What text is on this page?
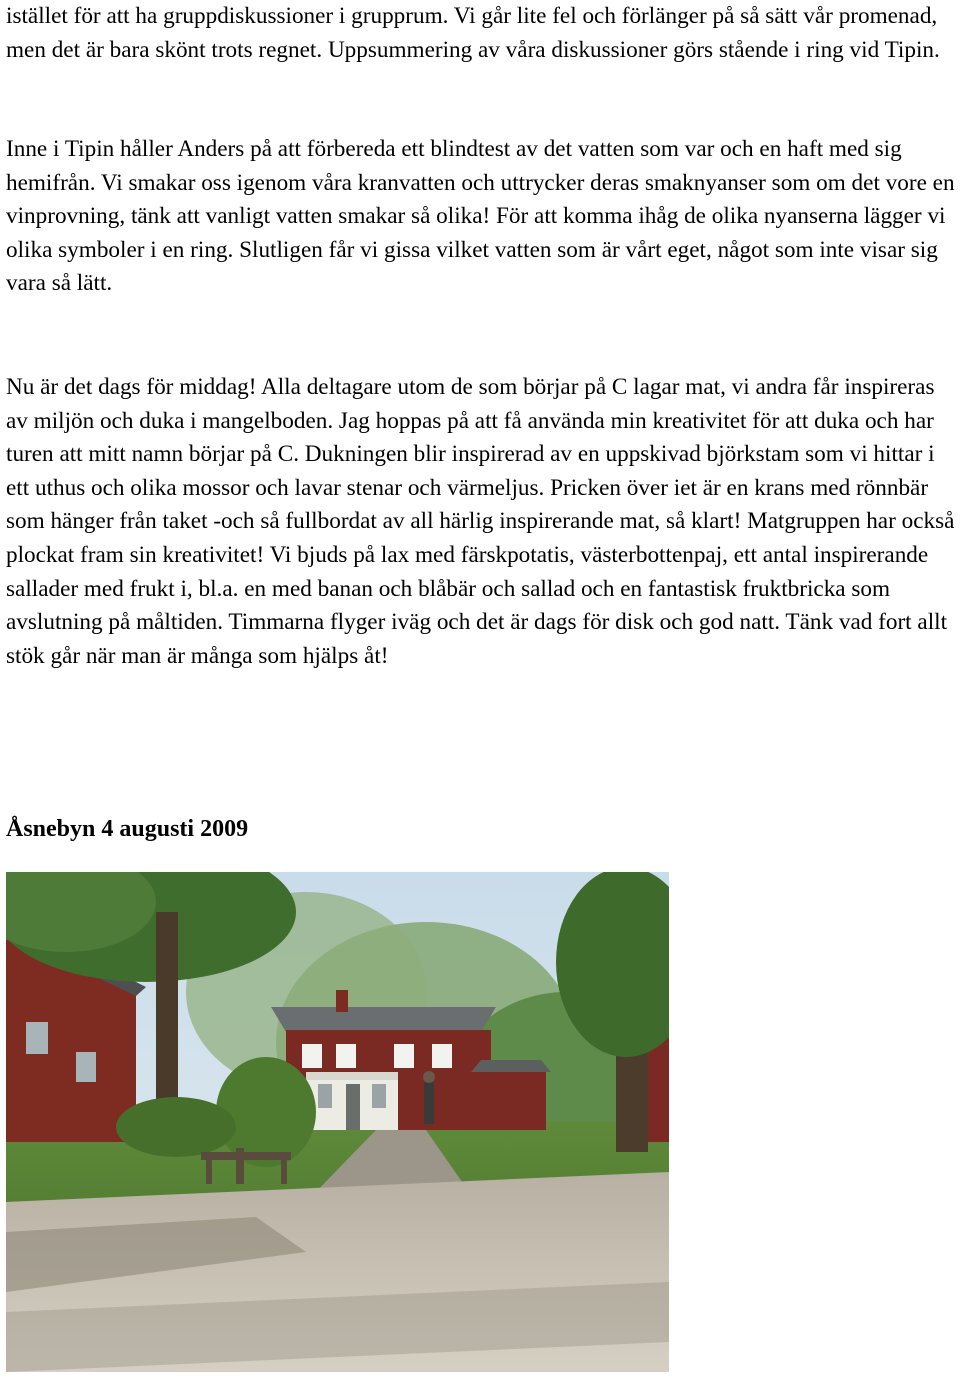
istället för att ha gruppdiskussioner i grupprum. Vi går lite fel och förlänger på så sätt vår promenad, men det är bara skönt trots regnet. Uppsummering av våra diskussioner görs stående i ring vid Tipin.

Inne i Tipin håller Anders på att förbereda ett blindtest av det vatten som var och en haft med sig hemifrån. Vi smakar oss igenom våra kranvatten och uttrycker deras smaknyanser som om det vore en vinprovning, tänk att vanligt vatten smakar så olika! För att komma ihåg de olika nyanserna lägger vi olika symboler i en ring. Slutligen får vi gissa vilket vatten som är vårt eget, något som inte visar sig vara så lätt.

Nu är det dags för middag! Alla deltagare utom de som börjar på C lagar mat, vi andra får inspireras av miljön och duka i mangelboden. Jag hoppas på att få använda min kreativitet för att duka och har turen att mitt namn börjar på C. Dukningen blir inspirerad av en uppskivad björkstam som vi hittar i ett uthus och olika mossor och lavar stenar och värmeljus. Pricken över iet är en krans med rönnbär som hänger från taket -och så fullbordat av all härlig inspirerande mat, så klart! Matgruppen har också plockat fram sin kreativitet! Vi bjuds på lax med färskpotatis, västerbottenpaj, ett antal inspirerande sallader med frukt i, bl.a. en med banan och blåbär och sallad och en fantastisk fruktbricka som avslutning på måltiden. Timmarna flyger iväg och det är dags för disk och god natt. Tänk vad fort allt stök går när man är många som hjälps åt!

Åsnebyn 4 augusti 2009
